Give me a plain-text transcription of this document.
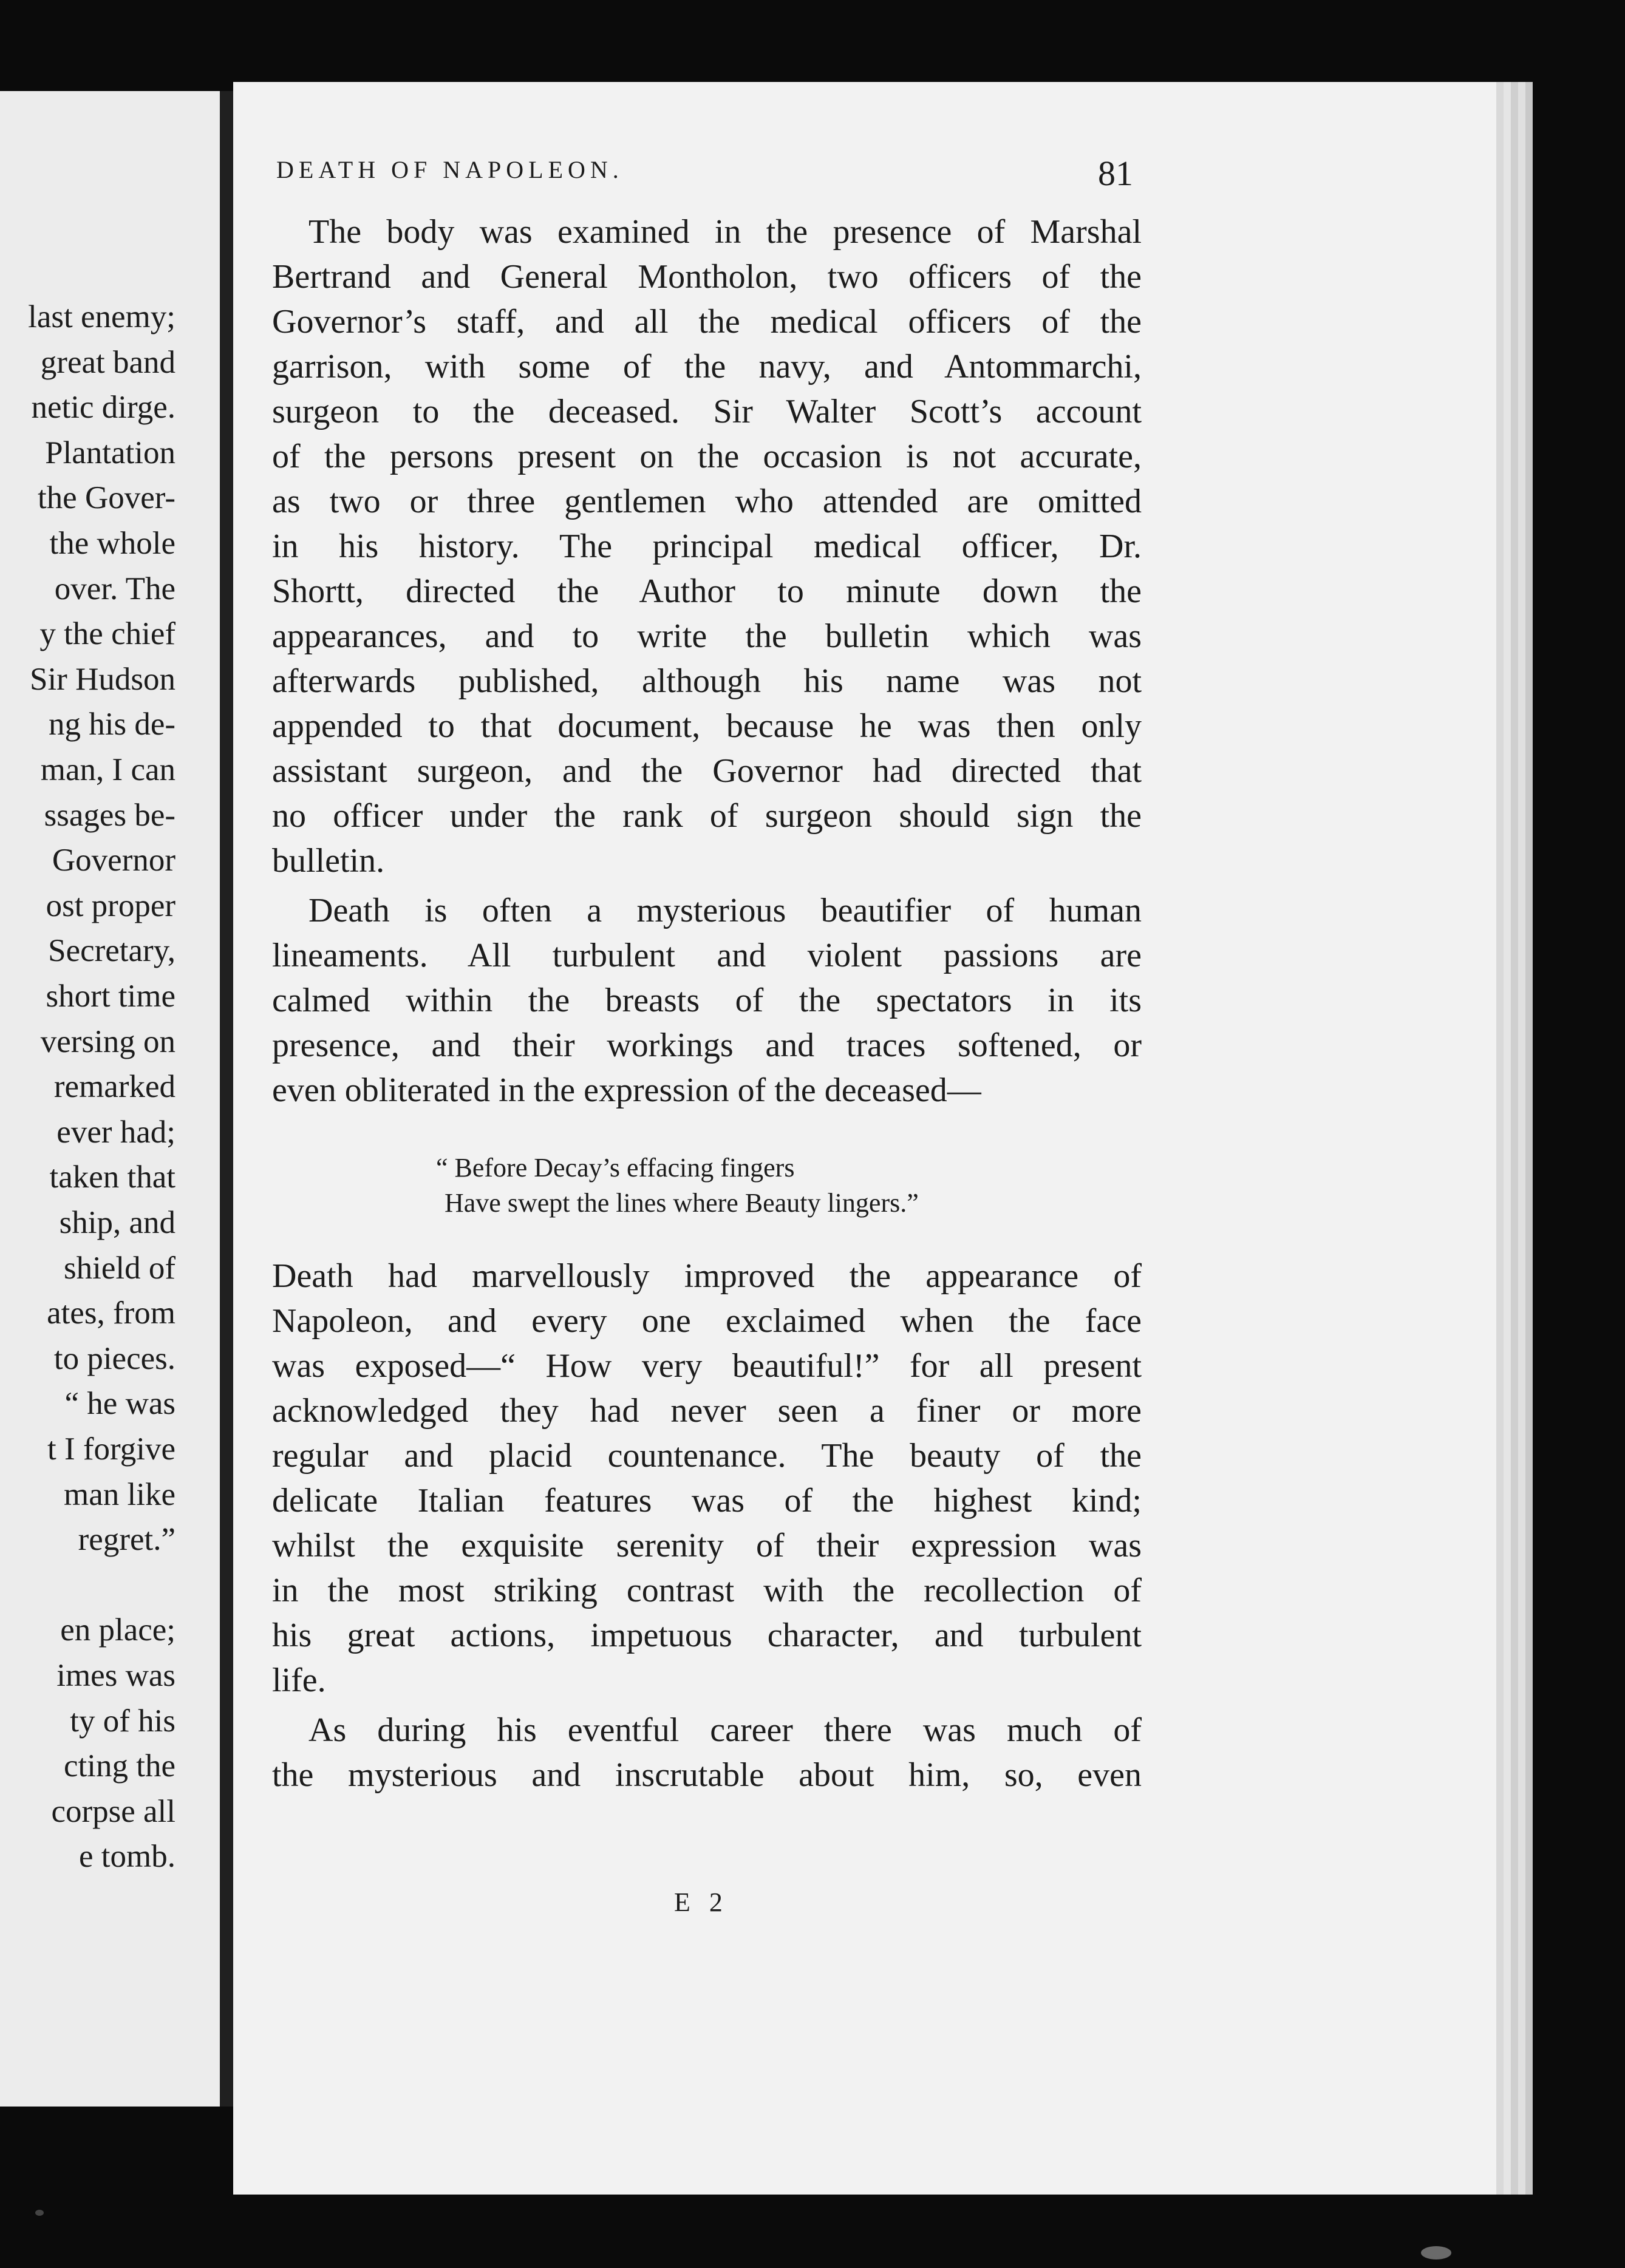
last enemy;
great band
netic dirge.
Plantation
the Gover-
the whole
over. The
y the chief
Sir Hudson
ng his de-
man, I can
ssages be-
Governor
ost proper
Secretary,
short time
versing on
remarked
ever had;
taken that
ship, and
shield of
ates, from
to pieces.
“ he was
t I forgive
man like
regret.”
en place;
imes was
ty of his
cting the
corpse all
e tomb.
DEATH OF NAPOLEON.	81
The body was examined in the presence of Marshal
Bertrand and General Montholon, two officers of the
Governor’s staff, and all the medical officers of the
garrison, with some of the navy, and Antommarchi,
surgeon to the deceased. Sir Walter Scott’s account
of the persons present on the occasion is not accurate,
as two or three gentlemen who attended are omitted
in his history. The principal medical officer, Dr.
Shortt, directed the Author to minute down the
appearances, and to write the bulletin which was
afterwards published, although his name was not
appended to that document, because he was then only
assistant surgeon, and the Governor had directed that
no officer under the rank of surgeon should sign the
bulletin.
Death is often a mysterious beautifier of human
lineaments. All turbulent and violent passions are
calmed within the breasts of the spectators in its
presence, and their workings and traces softened, or
even obliterated in the expression of the deceased—
“ Before Decay’s effacing fingers
Have swept the lines where Beauty lingers.”
Death had marvellously improved the appearance of
Napoleon, and every one exclaimed when the face
was exposed—“ How very beautiful!” for all present
acknowledged they had never seen a finer or more
regular and placid countenance. The beauty of the
delicate Italian features was of the highest kind;
whilst the exquisite serenity of their expression was
in the most striking contrast with the recollection of
his great actions, impetuous character, and turbulent
life.
As during his eventful career there was much of
the mysterious and inscrutable about him, so, even
E 2
